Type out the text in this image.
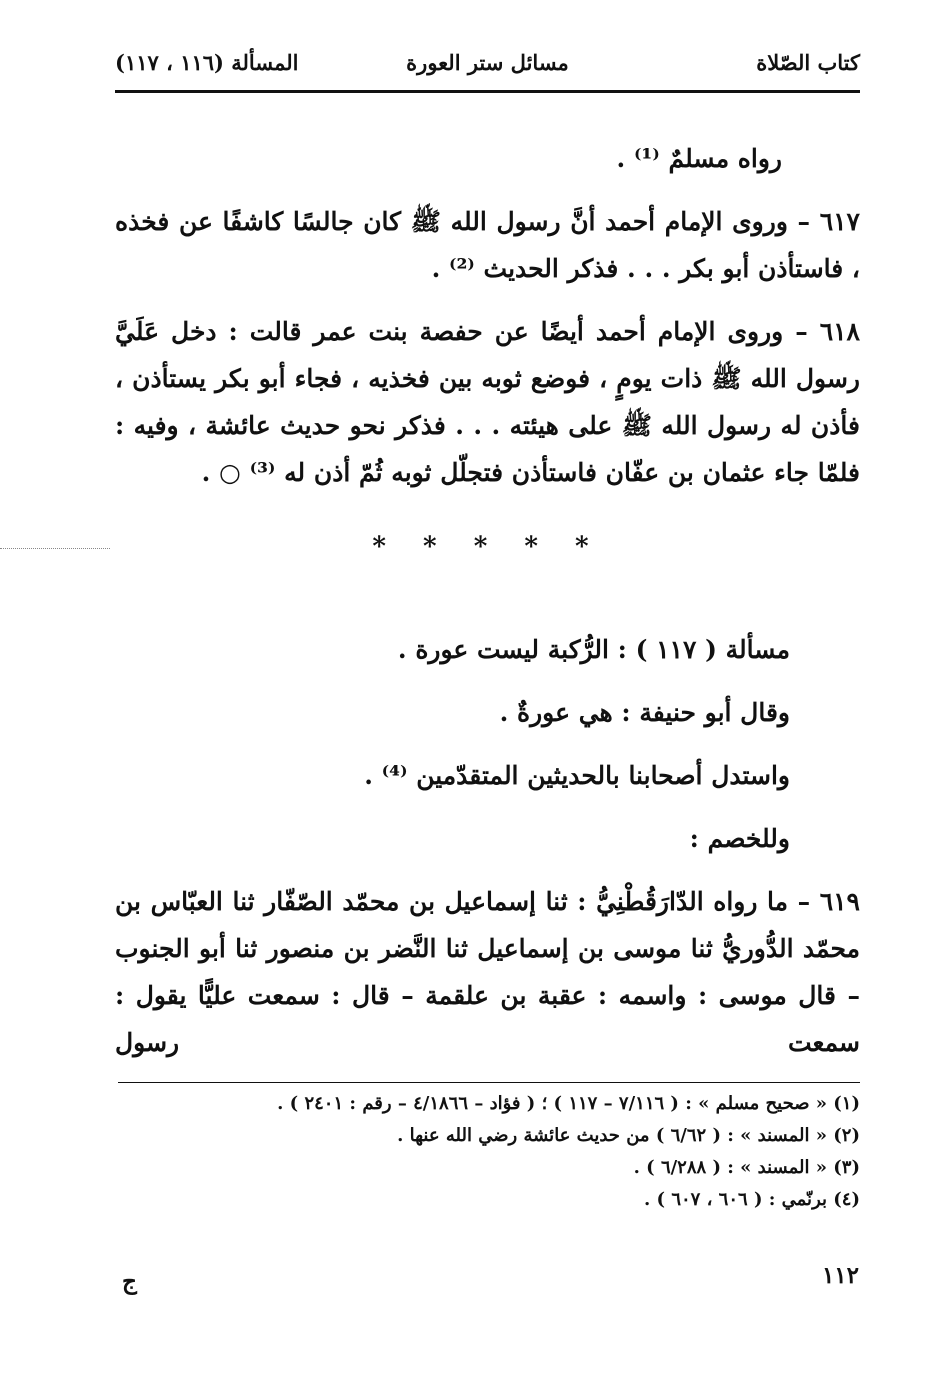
كتاب الصّلاة
مسائل ستر العورة
المسألة (١١٦ ، ١١٧)

رواه مسلمٌ ⁽¹⁾ .

٦١٧ – وروى الإمام أحمد أنَّ رسول الله ﷺ كان جالسًا كاشفًا عن فخذه ، فاستأذن أبو بكر . . . فذكر الحديث ⁽²⁾ .

٦١٨ – وروى الإمام أحمد أيضًا عن حفصة بنت عمر قالت : دخل عَلَيَّ رسول الله ﷺ ذات يومٍ ، فوضع ثوبه بين فخذيه ، فجاء أبو بكر يستأذن ، فأذن له رسول الله ﷺ على هيئته . . . فذكر نحو حديث عائشة ، وفيه : فلمّا جاء عثمان بن عفّان فاستأذن فتجلّل ثوبه ثُمّ أذن له ⁽³⁾ ○ .

* * * * *

مسألة ( ١١٧ ) : الرُّكبة ليست عورة .

وقال أبو حنيفة : هي عورةٌ .

واستدل أصحابنا بالحديثين المتقدّمين ⁽⁴⁾ .

وللخصم :

٦١٩ – ما رواه الدّارَقُطْنِيُّ : ثنا إسماعيل بن محمّد الصّفّار ثنا العبّاس بن محمّد الدُّوريُّ ثنا موسى بن إسماعيل ثنا النَّضر بن منصور ثنا أبو الجنوب – قال موسى : واسمه : عقبة بن علقمة – قال : سمعت عليًّا يقول : سمعت رسول

(١) « صحيح مسلم » : ( ٧/١١٦ – ١١٧ ) ؛ ( فؤاد – ٤/١٨٦٦ – رقم : ٢٤٠١ ) .

(٢) « المسند » : ( ٦/٦٢ ) من حديث عائشة رضي الله عنها .

(٣) « المسند » : ( ٦/٢٨٨ ) .

(٤) برنّمي : ( ٦٠٦ ، ٦٠٧ ) .

١١٢
ج
